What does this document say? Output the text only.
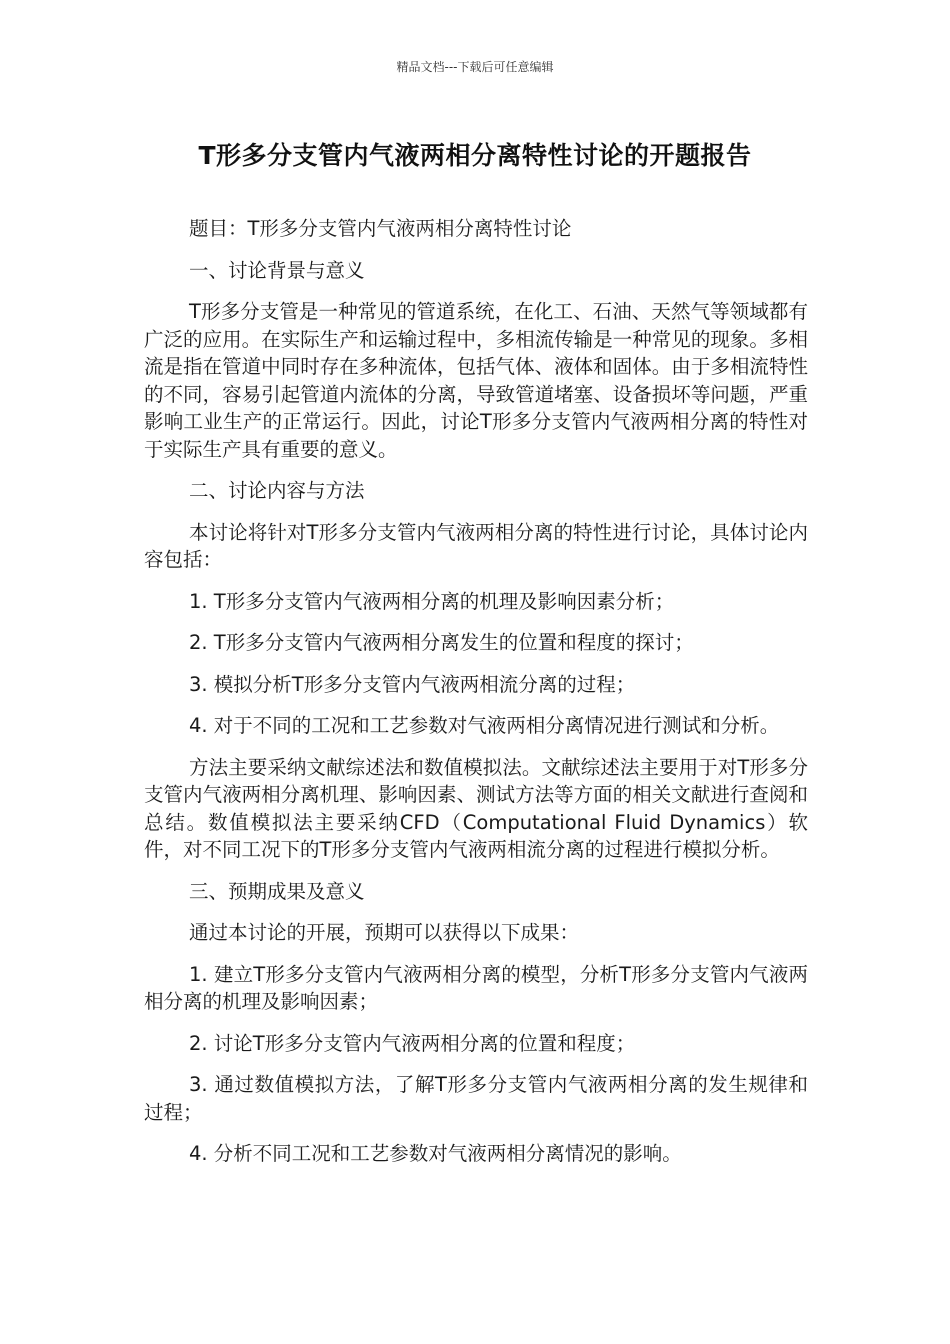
精品文档---下载后可任意编辑
T形多分支管内气液两相分离特性讨论的开题报告

题目：T形多分支管内气液两相分离特性讨论

一、讨论背景与意义

T形多分支管是一种常见的管道系统，在化工、石油、天然气等领域都有广泛的应用。在实际生产和运输过程中，多相流传输是一种常见的现象。多相流是指在管道中同时存在多种流体，包括气体、液体和固体。由于多相流特性的不同，容易引起管道内流体的分离，导致管道堵塞、设备损坏等问题，严重影响工业生产的正常运行。因此，讨论T形多分支管内气液两相分离的特性对于实际生产具有重要的意义。

二、讨论内容与方法

本讨论将针对T形多分支管内气液两相分离的特性进行讨论，具体讨论内容包括：

1. T形多分支管内气液两相分离的机理及影响因素分析；

2. T形多分支管内气液两相分离发生的位置和程度的探讨；

3. 模拟分析T形多分支管内气液两相流分离的过程；

4. 对于不同的工况和工艺参数对气液两相分离情况进行测试和分析。

方法主要采纳文献综述法和数值模拟法。文献综述法主要用于对T形多分支管内气液两相分离机理、影响因素、测试方法等方面的相关文献进行查阅和总结。数值模拟法主要采纳CFD（Computational Fluid Dynamics）软件，对不同工况下的T形多分支管内气液两相流分离的过程进行模拟分析。

三、预期成果及意义

通过本讨论的开展，预期可以获得以下成果：

1. 建立T形多分支管内气液两相分离的模型，分析T形多分支管内气液两相分离的机理及影响因素；

2. 讨论T形多分支管内气液两相分离的位置和程度；

3. 通过数值模拟方法，了解T形多分支管内气液两相分离的发生规律和过程；

4. 分析不同工况和工艺参数对气液两相分离情况的影响。
